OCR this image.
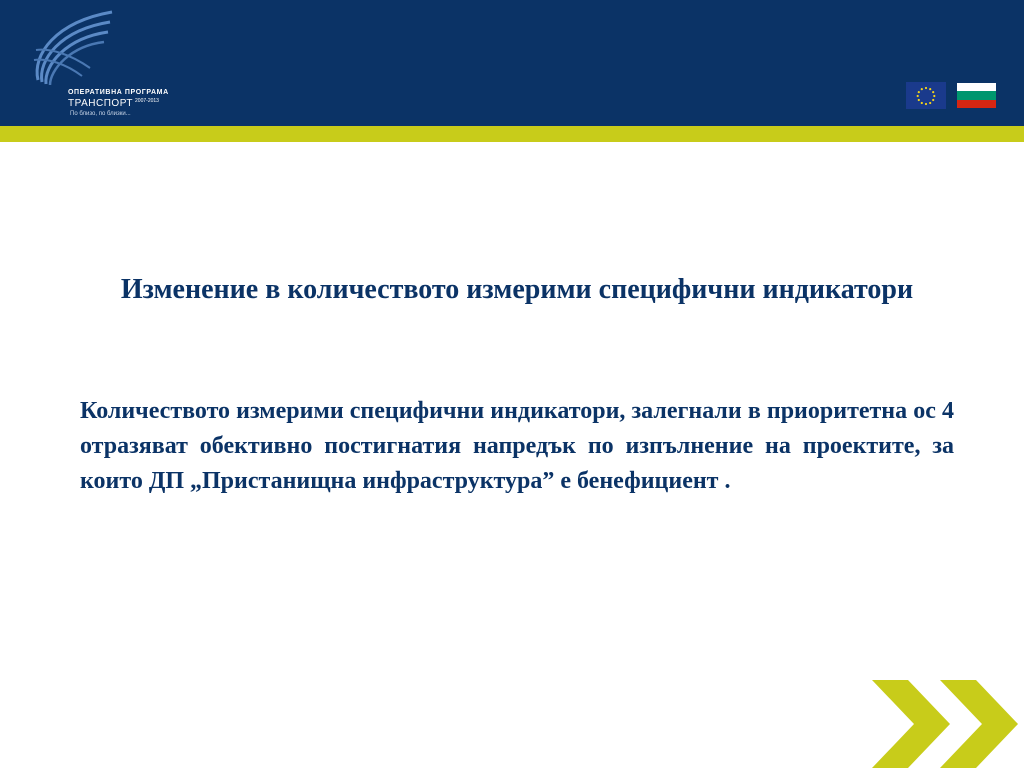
ОПЕРАТИВНА ПРОГРАМА
ТРАНСПОРТ $^{2007-2013}$
По близо, по близки...
Изменение в количеството измерими специфични индикатори
Количеството измерими специфични индикатори, залегнали в приоритетна ос 4 отразяват обективно постигнатия напредък по изпълнение на проектите, за които ДП „Пристанищна инфраструктура” е бенефициент .
